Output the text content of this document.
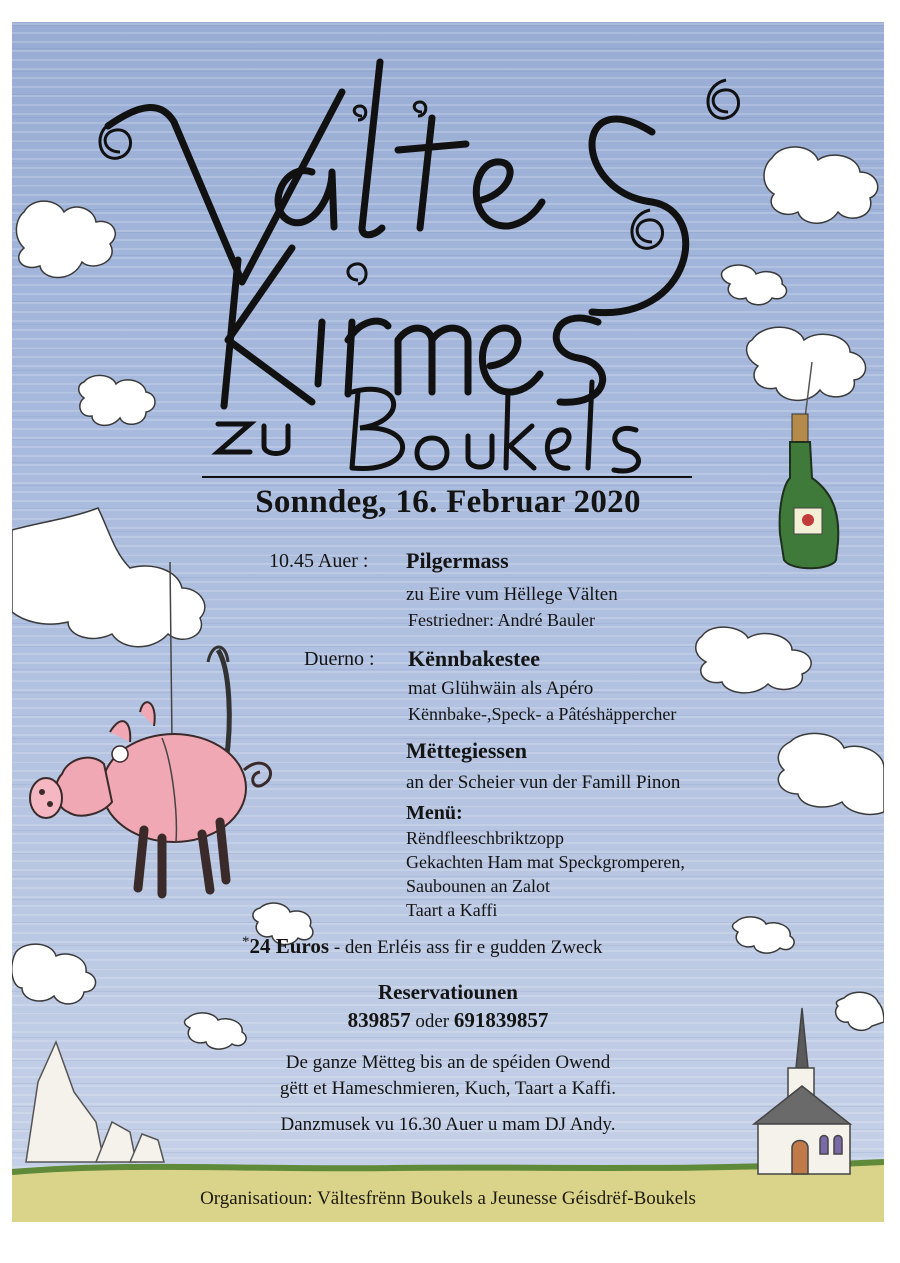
Sonndeg, 16. Februar 2020
10.45 Auer : Pilgermass
zu Eire vum Hëllege Välten
Festriedner: André Bauler
Duerno : Kënnbakestee
mat Glühwäin als Apéro
Kënnbake-,Speck- a Pâtéshäppercher
Mëttegiessen
an der Scheier vun der Famill Pinon
Menü:
Rëndfleeschbriktzopp
Gekachten Ham mat Speckgromperen,
Saubounen an Zalot
Taart a Kaffi
*24 Euros - den Erléis ass fir e gudden Zweck
Reservatiounen
839857 oder 691839857
De ganze Mëtteg bis an de spéiden Owend
gëtt et Hameschmieren, Kuch, Taart a Kaffi.
Danzmusek vu 16.30 Auer u mam DJ Andy.
Organisatioun: Vältesfrënn Boukels a Jeunesse Géisdrëf-Boukels
